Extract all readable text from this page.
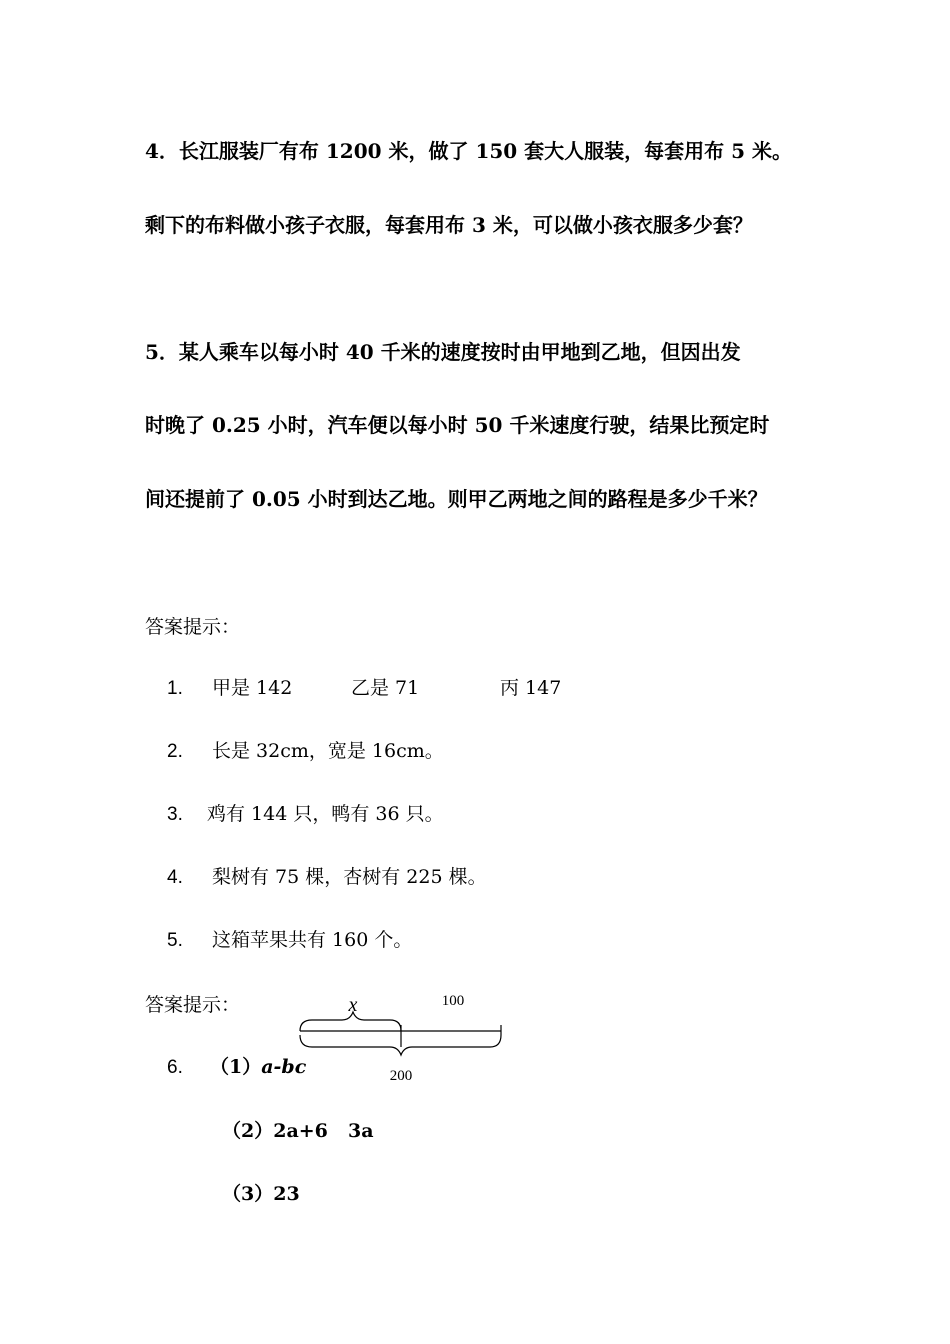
4．长江服装厂有布 1200 米，做了 150 套大人服装，每套用布 5 米。
剩下的布料做小孩子衣服，每套用布 3 米，可以做小孩衣服多少套？
5．某人乘车以每小时 40 千米的速度按时由甲地到乙地，但因出发
时晚了 0.25 小时，汽车便以每小时 50 千米速度行驶，结果比预定时
间还提前了 0.05 小时到达乙地。则甲乙两地之间的路程是多少千米？
答案提示：
1. 甲是 142	乙是 71	丙 147
2. 长是 32cm，宽是 16cm。
3. 鸡有 144 只，鸭有 36 只。
4. 梨树有 75 棵，杏树有 225 棵。
5. 这箱苹果共有 160 个。
答案提示：	x	100
200
6. （1）a-bc
（2）2a+6 3a
（3）23
